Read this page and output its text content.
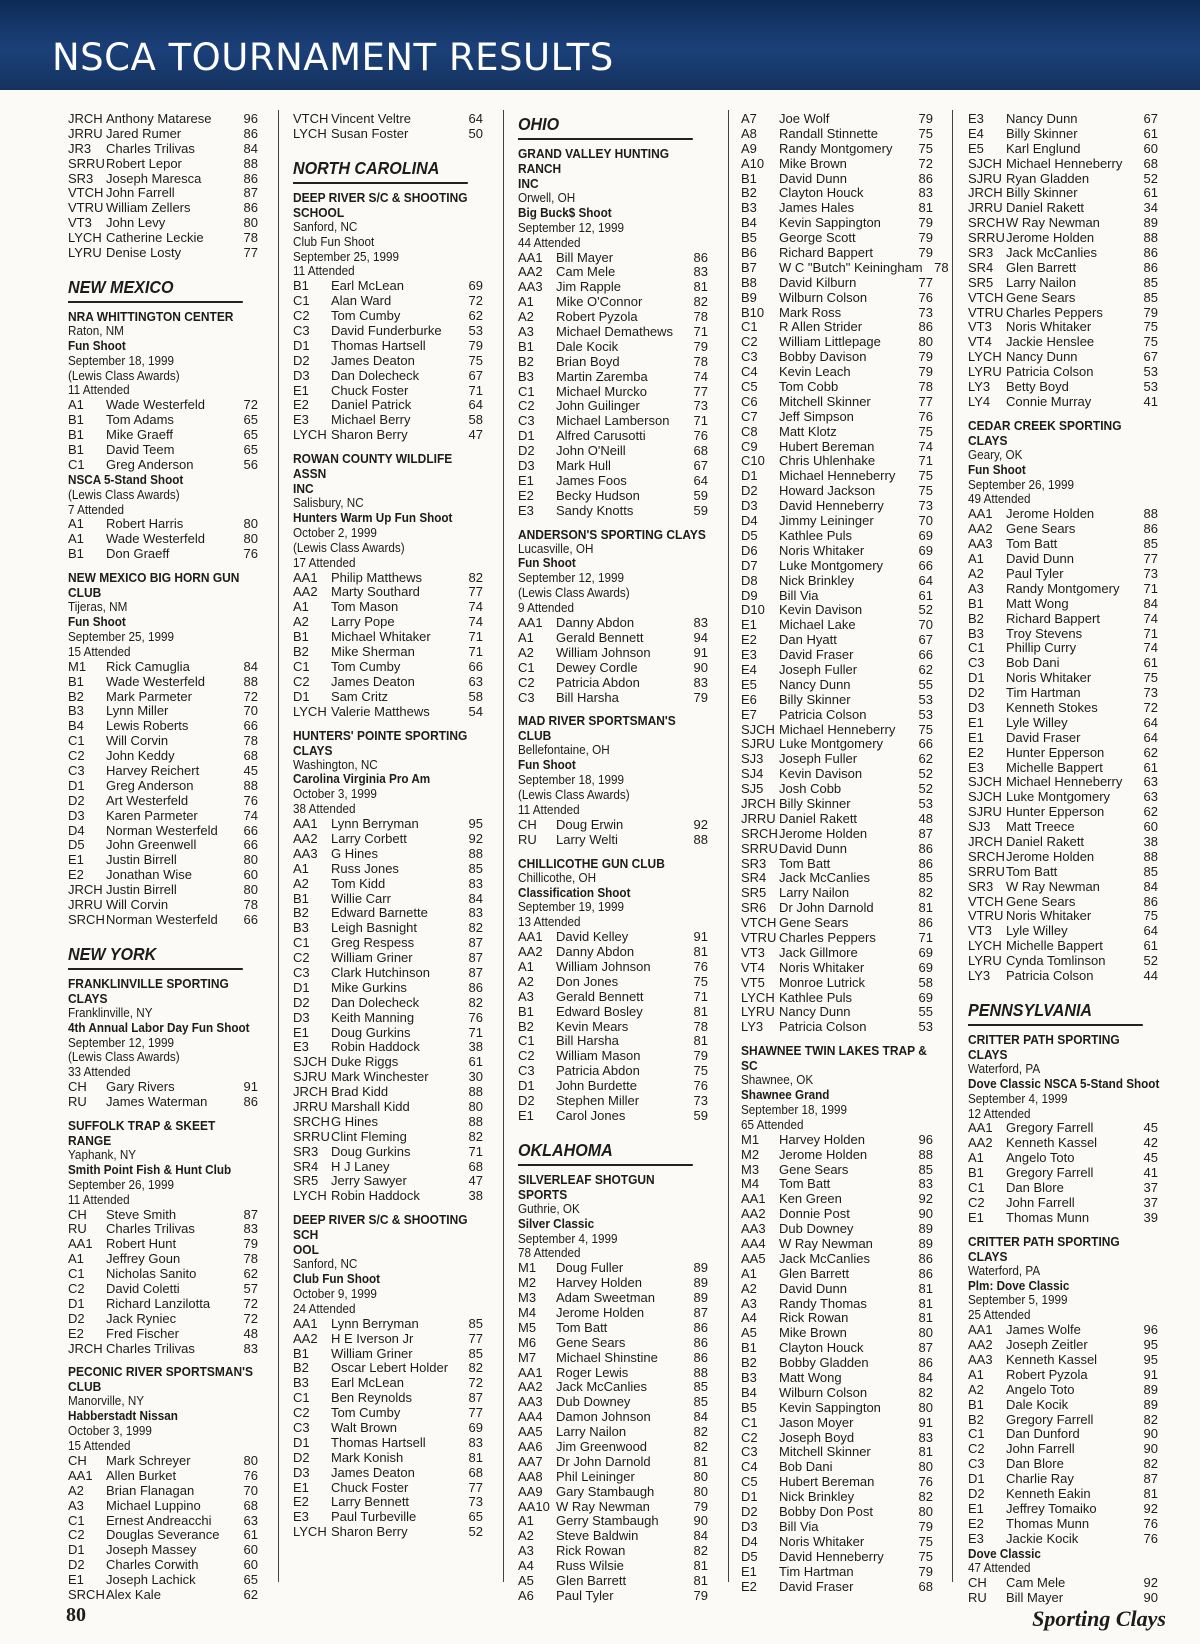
NSCA TOURNAMENT RESULTS
JRCH Anthony Matarese	96
JRRU Jared Rumer	86
JR3	Charles Trilivas	84
SRRU Robert Lepor	88
SR3 Joseph Maresca	86
VTCH John Farrell	87
VTRU William Zellers	86
VT3	John Levy	80
LYCH Catherine Leckie	78
LYRU Denise Losty	77
NEW MEXICO
NRA WHITTINGTON CENTER
Raton, NM
Fun Shoot
September 18, 1999
(Lewis Class Awards)
11 Attended
A1	Wade Westerfeld	72
B1	Tom Adams	65
B1	Mike Graeff	65
B1	David Teem	65
C1	Greg Anderson	56
NSCA 5-Stand Shoot
(Lewis Class Awards)
7 Attended
A1	Robert Harris	80
A1	Wade Westerfeld	80
B1	Don Graeff	76
NEW MEXICO BIG HORN GUN CLUB
Tijeras, NM
Fun Shoot
September 25, 1999
15 Attended
M1	Rick Camuglia	84
B1	Wade Westerfeld	88
B2	Mark Parmeter	72
B3	Lynn Miller	70
B4	Lewis Roberts	66
C1	Will Corvin	78
C2	John Keddy	68
C3	Harvey Reichert	45
D1	Greg Anderson	88
D2	Art Westerfeld	76
D3	Karen Parmeter	74
D4	Norman Westerfeld	66
D5	John Greenwell	66
E1	Justin Birrell	80
E2	Jonathan Wise	60
JRCH Justin Birrell	80
JRRU Will Corvin	78
SRCH Norman Westerfeld	66
NEW YORK
FRANKLINVILLE SPORTING CLAYS
Franklinville, NY
4th Annual Labor Day Fun Shoot
September 12, 1999
(Lewis Class Awards)
33 Attended
CH	Gary Rivers	91
RU	James Waterman	86
SUFFOLK TRAP & SKEET RANGE
Yaphank, NY
Smith Point Fish & Hunt Club
September 26, 1999
11 Attended
CH	Steve Smith	87
RU	Charles Trilivas	83
AA1	Robert Hunt	79
A1	Jeffrey Goun	78
C1	Nicholas Sanito	62
C2	David Coletti	57
D1	Richard Lanzilotta	72
D2	Jack Ryniec	72
E2	Fred Fischer	48
JRCH Charles Trilivas	83
PECONIC RIVER SPORTSMAN'S
CLUB
Manorville, NY
Habberstadt Nissan
October 3, 1999
15 Attended
CH	Mark Schreyer	80
AA1	Allen Burket	76
A2	Brian Flanagan	70
A3	Michael Luppino	68
C1	Ernest Andreacchi	63
C2	Douglas Severance	61
D1	Joseph Massey	60
D2	Charles Corwith	60
E1	Joseph Lachick	65
SRCH Alex Kale	62
VTCH Vincent Veltre	64
LYCH Susan Foster	50
NORTH CAROLINA
DEEP RIVER S/C & SHOOTING
SCHOOL
Sanford, NC
Club Fun Shoot
September 25, 1999
11 Attended
B1	Earl McLean	69
C1	Alan Ward	72
C2	Tom Cumby	62
C3	David Funderburke	53
D1	Thomas Hartsell	79
D2	James Deaton	75
D3	Dan Dolecheck	67
E1	Chuck Foster	71
E2	Daniel Patrick	64
E3	Michael Berry	58
LYCH Sharon Berry	47
ROWAN COUNTY WILDLIFE ASSN
INC
Salisbury, NC
Hunters Warm Up Fun Shoot
October 2, 1999
(Lewis Class Awards)
17 Attended
AA1	Philip Matthews	82
AA2	Marty Southard	77
A1	Tom Mason	74
A2	Larry Pope	74
B1	Michael Whitaker	71
B2	Mike Sherman	71
C1	Tom Cumby	66
C2	James Deaton	63
D1	Sam Critz	58
LYCH Valerie Matthews	54
HUNTERS' POINTE SPORTING
CLAYS
Washington, NC
Carolina Virginia Pro Am
October 3, 1999
38 Attended
AA1	Lynn Berryman	95
AA2	Larry Corbett	92
AA3	G Hines	88
A1	Russ Jones	85
A2	Tom Kidd	83
B1	Willie Carr	84
B2	Edward Barnette	83
B3	Leigh Basnight	82
C1	Greg Respess	87
C2	William Griner	87
C3	Clark Hutchinson	87
D1	Mike Gurkins	86
D2	Dan Dolecheck	82
D3	Keith Manning	76
E1	Doug Gurkins	71
E3	Robin Haddock	38
SJCH Duke Riggs	61
SJRU Mark Winchester	30
JRCH Brad Kidd	88
JRRU Marshall Kidd	80
SRCH G Hines	88
SRRU Clint Fleming	82
SR3 Doug Gurkins	71
SR4 H J Laney	68
SR5 Jerry Sawyer	47
LYCH Robin Haddock	38
DEEP RIVER S/C & SHOOTING SCH
OOL
Sanford, NC
Club Fun Shoot
October 9, 1999
24 Attended
AA1	Lynn Berryman	85
AA2	H E Iverson Jr	77
B1	William Griner	85
B2	Oscar Lebert Holder	82
B3	Earl McLean	72
C1	Ben Reynolds	87
C2	Tom Cumby	77
C3	Walt Brown	69
D1	Thomas Hartsell	83
D2	Mark Konish	81
D3	James Deaton	68
E1	Chuck Foster	77
E2	Larry Bennett	73
E3	Paul Turbeville	65
LYCH Sharon Berry	52
OHIO
GRAND VALLEY HUNTING RANCH
INC
Orwell, OH
Big Buck$ Shoot
September 12, 1999
44 Attended
AA1	Bill Mayer	86
AA2	Cam Mele	83
AA3	Jim Rapple	81
A1	Mike O'Connor	82
A2	Robert Pyzola	78
A3	Michael Demathews	71
B1	Dale Kocik	79
B2	Brian Boyd	78
B3	Martin Zaremba	74
C1	Michael Murcko	77
C2	John Guilinger	73
C3	Michael Lamberson	71
D1	Alfred Carusotti	76
D2	John O'Neill	68
D3	Mark Hull	67
E1	James Foos	64
E2	Becky Hudson	59
E3	Sandy Knotts	59
ANDERSON'S SPORTING CLAYS
Lucasville, OH
Fun Shoot
September 12, 1999
(Lewis Class Awards)
9 Attended
AA1	Danny Abdon	83
A1	Gerald Bennett	94
A2	William Johnson	91
C1	Dewey Cordle	90
C2	Patricia Abdon	83
C3	Bill Harsha	79
MAD RIVER SPORTSMAN'S CLUB
Bellefontaine, OH
Fun Shoot
September 18, 1999
(Lewis Class Awards)
11 Attended
CH	Doug Erwin	92
RU	Larry Welti	88
CHILLICOTHE GUN CLUB
Chillicothe, OH
Classification Shoot
September 19, 1999
13 Attended
AA1	David Kelley	91
AA2	Danny Abdon	81
A1	William Johnson	76
A2	Don Jones	75
A3	Gerald Bennett	71
B1	Edward Bosley	81
B2	Kevin Mears	78
C1	Bill Harsha	81
C2	William Mason	79
C3	Patricia Abdon	75
D1	John Burdette	76
D2	Stephen Miller	73
E1	Carol Jones	59
OKLAHOMA
SILVERLEAF SHOTGUN SPORTS
Guthrie, OK
Silver Classic
September 4, 1999
78 Attended
M1	Doug Fuller	89
M2	Harvey Holden	89
M3	Adam Sweetman	89
M4	Jerome Holden	87
M5	Tom Batt	86
M6	Gene Sears	86
M7	Michael Shinstine	86
AA1	Roger Lewis	88
AA2	Jack McCanlies	85
AA3	Dub Downey	85
AA4	Damon Johnson	84
AA5	Larry Nailon	82
AA6	Jim Greenwood	82
AA7	Dr John Darnold	81
AA8	Phil Leininger	80
AA9	Gary Stambaugh	80
AA10 W Ray Newman	79
A1	Gerry Stambaugh	90
A2	Steve Baldwin	84
A3	Rick Rowan	82
A4	Russ Wilsie	81
A5	Glen Barrett	81
A6	Paul Tyler	79
A7	Joe Wolf	79
A8	Randall Stinnette	75
A9	Randy Montgomery	75
A10	Mike Brown	72
B1	David Dunn	86
B2	Clayton Houck	83
B3	James Hales	81
B4	Kevin Sappington	79
B5	George Scott	79
B6	Richard Bappert	79
B7	W C "Butch" Keiningham 78
B8	David Kilburn	77
B9	Wilburn Colson	76
B10	Mark Ross	73
C1	R Allen Strider	86
C2	William Littlepage	80
C3	Bobby Davison	79
C4	Kevin Leach	79
C5	Tom Cobb	78
C6	Mitchell Skinner	77
C7	Jeff Simpson	76
C8	Matt Klotz	75
C9	Hubert Bereman	74
C10	Chris Uhlenhake	71
D1	Michael Henneberry	75
D2	Howard Jackson	75
D3	David Henneberry	73
D4	Jimmy Leininger	70
D5	Kathlee Puls	69
D6	Noris Whitaker	69
D7	Luke Montgomery	66
D8	Nick Brinkley	64
D9	Bill Via	61
D10	Kevin Davison	52
E1	Michael Lake	70
E2	Dan Hyatt	67
E3	David Fraser	66
E4	Joseph Fuller	62
E5	Nancy Dunn	55
E6	Billy Skinner	53
E7	Patricia Colson	53
SJCH Michael Henneberry	75
SJRU Luke Montgomery	66
SJ3	Joseph Fuller	62
SJ4	Kevin Davison	52
SJ5	Josh Cobb	52
JRCH Billy Skinner	53
JRRU Daniel Rakett	48
SRCH Jerome Holden	87
SRRU David Dunn	86
SR3 Tom Batt	86
SR4 Jack McCanlies	85
SR5 Larry Nailon	82
SR6 Dr John Darnold	81
VTCH Gene Sears	86
VTRU Charles Peppers	71
VT3	Jack Gillmore	69
VT4	Noris Whitaker	69
VT5	Monroe Lutrick	58
LYCH Kathlee Puls	69
LYRU Nancy Dunn	55
LY3	Patricia Colson	53
SHAWNEE TWIN LAKES TRAP & SC
Shawnee, OK
Shawnee Grand
September 18, 1999
65 Attended
M1	Harvey Holden	96
M2	Jerome Holden	88
M3	Gene Sears	85
M4	Tom Batt	83
AA1	Ken Green	92
AA2	Donnie Post	90
AA3	Dub Downey	89
AA4	W Ray Newman	89
AA5	Jack McCanlies	86
A1	Glen Barrett	86
A2	David Dunn	81
A3	Randy Thomas	81
A4	Rick Rowan	81
A5	Mike Brown	80
B1	Clayton Houck	87
B2	Bobby Gladden	86
B3	Matt Wong	84
B4	Wilburn Colson	82
B5	Kevin Sappington	80
C1	Jason Moyer	91
C2	Joseph Boyd	83
C3	Mitchell Skinner	81
C4	Bob Dani	80
C5	Hubert Bereman	76
D1	Nick Brinkley	82
D2	Bobby Don Post	80
D3	Bill Via	79
D4	Noris Whitaker	75
D5	David Henneberry	75
E1	Tim Hartman	79
E2	David Fraser	68
E3	Nancy Dunn	67
E4	Billy Skinner	61
E5	Karl Englund	60
SJCH Michael Henneberry	68
SJRU Ryan Gladden	52
JRCH Billy Skinner	61
JRRU Daniel Rakett	34
SRCH W Ray Newman	89
SRRU Jerome Holden	88
SR3 Jack McCanlies	86
SR4 Glen Barrett	86
SR5 Larry Nailon	85
VTCH Gene Sears	85
VTRU Charles Peppers	79
VT3	Noris Whitaker	75
VT4	Jackie Henslee	75
LYCH Nancy Dunn	67
LYRU Patricia Colson	53
LY3	Betty Boyd	53
LY4	Connie Murray	41
CEDAR CREEK SPORTING CLAYS
Geary, OK
Fun Shoot
September 26, 1999
49 Attended
AA1	Jerome Holden	88
AA2	Gene Sears	86
AA3	Tom Batt	85
A1	David Dunn	77
A2	Paul Tyler	73
A3	Randy Montgomery	71
B1	Matt Wong	84
B2	Richard Bappert	74
B3	Troy Stevens	71
C1	Phillip Curry	74
C3	Bob Dani	61
D1	Noris Whitaker	75
D2	Tim Hartman	73
D3	Kenneth Stokes	72
E1	Lyle Willey	64
E1	David Fraser	64
E2	Hunter Epperson	62
E3	Michelle Bappert	61
SJCH Michael Henneberry	63
SJCH Luke Montgomery	63
SJRU Hunter Epperson	62
SJ3	Matt Treece	60
JRCH Daniel Rakett	38
SRCH Jerome Holden	88
SRRU Tom Batt	85
SR3 W Ray Newman	84
VTCH Gene Sears	86
VTRU Noris Whitaker	75
VT3	Lyle Willey	64
LYCH Michelle Bappert	61
LYRU Cynda Tomlinson	52
LY3	Patricia Colson	44
PENNSYLVANIA
CRITTER PATH SPORTING CLAYS
Waterford, PA
Dove Classic NSCA 5-Stand Shoot
September 4, 1999
12 Attended
AA1	Gregory Farrell	45
AA2	Kenneth Kassel	42
A1	Angelo Toto	45
B1	Gregory Farrell	41
C1	Dan Blore	37
C2	John Farrell	37
E1	Thomas Munn	39
CRITTER PATH SPORTING CLAYS
Waterford, PA
Plm: Dove Classic
September 5, 1999
25 Attended
AA1	James Wolfe	96
AA2	Joseph Zeitler	95
AA3	Kenneth Kassel	95
A1	Robert Pyzola	91
A2	Angelo Toto	89
B1	Dale Kocik	89
B2	Gregory Farrell	82
C1	Dan Dunford	90
C2	John Farrell	90
C3	Dan Blore	82
D1	Charlie Ray	87
D2	Kenneth Eakin	81
E1	Jeffrey Tomaiko	92
E2	Thomas Munn	76
E3	Jackie Kocik	76
Dove Classic
47 Attended
CH	Cam Mele	92
RU	Bill Mayer	90
80	Sporting Clays
